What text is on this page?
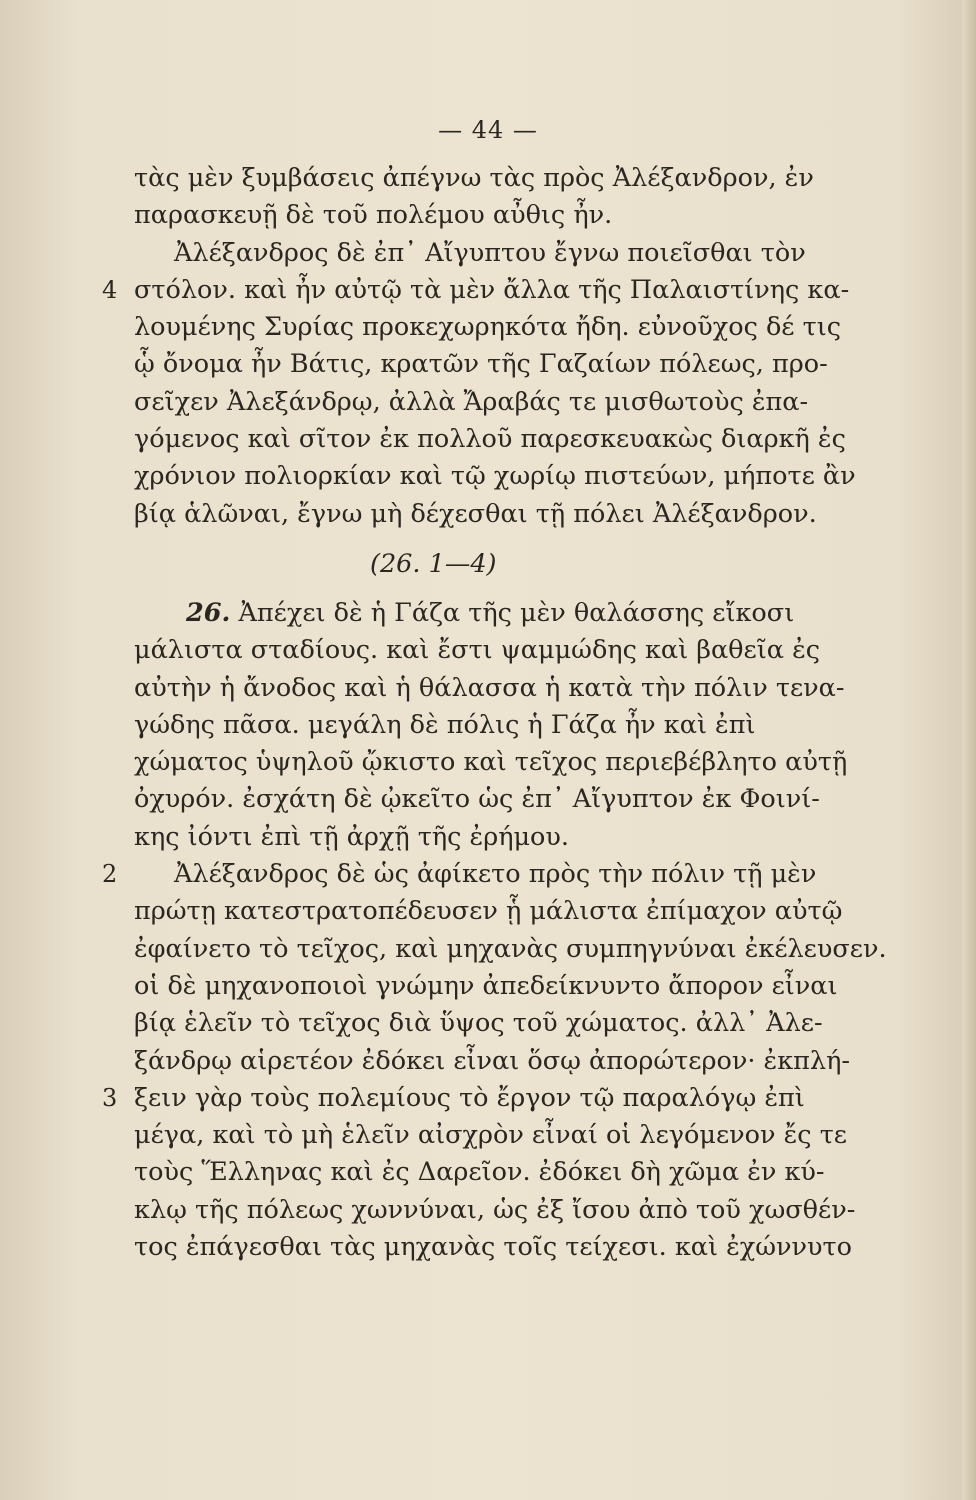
— 44 —
τὰς μὲν ξυμβάσεις ἀπέγνω τὰς πρὸς Ἀλέξανδρον, ἐν
παρασκευῇ δὲ τοῦ πολέμου αὖθις ἦν.
Ἀλέξανδρος δὲ ἐπ᾽ Αἴγυπτου ἔγνω ποιεῖσθαι τὸν
4 στόλον. καὶ ἦν αὐτῷ τὰ μὲν ἄλλα τῆς Παλαιστίνης κα-
λουμένης Συρίας προκεχωρηκότα ἤδη. εὐνοῦχος δέ τις
ᾧ ὄνομα ἦν Βάτις, κρατῶν τῆς Γαζαίων πόλεως, προ-
σεῖχεν Ἀλεξάνδρῳ, ἀλλὰ Ἄραβάς τε μισθωτοὺς ἐπα-
γόμενος καὶ σῖτον ἐκ πολλοῦ παρεσκευακὼς διαρκῆ ἐς
χρόνιον πολιορκίαν καὶ τῷ χωρίῳ πιστεύων, μήποτε ἂν
βίᾳ ἁλῶναι, ἔγνω μὴ δέχεσθαι τῇ πόλει Ἀλέξανδρον.
(26. 1—4)
26. Ἀπέχει δὲ ἡ Γάζα τῆς μὲν θαλάσσης εἴκοσι
μάλιστα σταδίους. καὶ ἔστι ψαμμώδης καὶ βαθεῖα ἐς
αὐτὴν ἡ ἄνοδος καὶ ἡ θάλασσα ἡ κατὰ τὴν πόλιν τενα-
γώδης πᾶσα. μεγάλη δὲ πόλις ἡ Γάζα ἦν καὶ ἐπὶ
χώματος ὑψηλοῦ ᾤκιστο καὶ τεῖχος περιεβέβλητο αὐτῇ
ὀχυρόν. ἐσχάτη δὲ ᾠκεῖτο ὡς ἐπ᾽ Αἴγυπτον ἐκ Φοινί-
κης ἰόντι ἐπὶ τῇ ἀρχῇ τῆς ἐρήμου.
2 Ἀλέξανδρος δὲ ὡς ἀφίκετο πρὸς τὴν πόλιν τῇ μὲν
πρώτῃ κατεστρατοπέδευσεν ᾗ μάλιστα ἐπίμαχον αὐτῷ
ἐφαίνετο τὸ τεῖχος, καὶ μηχανὰς συμπηγνύναι ἐκέλευσεν.
οἱ δὲ μηχανοποιοὶ γνώμην ἀπεδείκνυντο ἄπορον εἶναι
βίᾳ ἑλεῖν τὸ τεῖχος διὰ ὕψος τοῦ χώματος. ἀλλ᾽ Ἀλε-
ξάνδρῳ αἱρετέον ἐδόκει εἶναι ὅσῳ ἀπορώτερον· ἐκπλή-
3 ξειν γὰρ τοὺς πολεμίους τὸ ἔργον τῷ παραλόγῳ ἐπὶ
μέγα, καὶ τὸ μὴ ἑλεῖν αἰσχρὸν εἶναί οἱ λεγόμενον ἔς τε
τοὺς Ἕλληνας καὶ ἐς Δαρεῖον. ἐδόκει δὴ χῶμα ἐν κύ-
κλῳ τῆς πόλεως χωννύναι, ὡς ἐξ ἴσου ἀπὸ τοῦ χωσθέν-
τος ἐπάγεσθαι τὰς μηχανὰς τοῖς τείχεσι. καὶ ἐχώννυτο
